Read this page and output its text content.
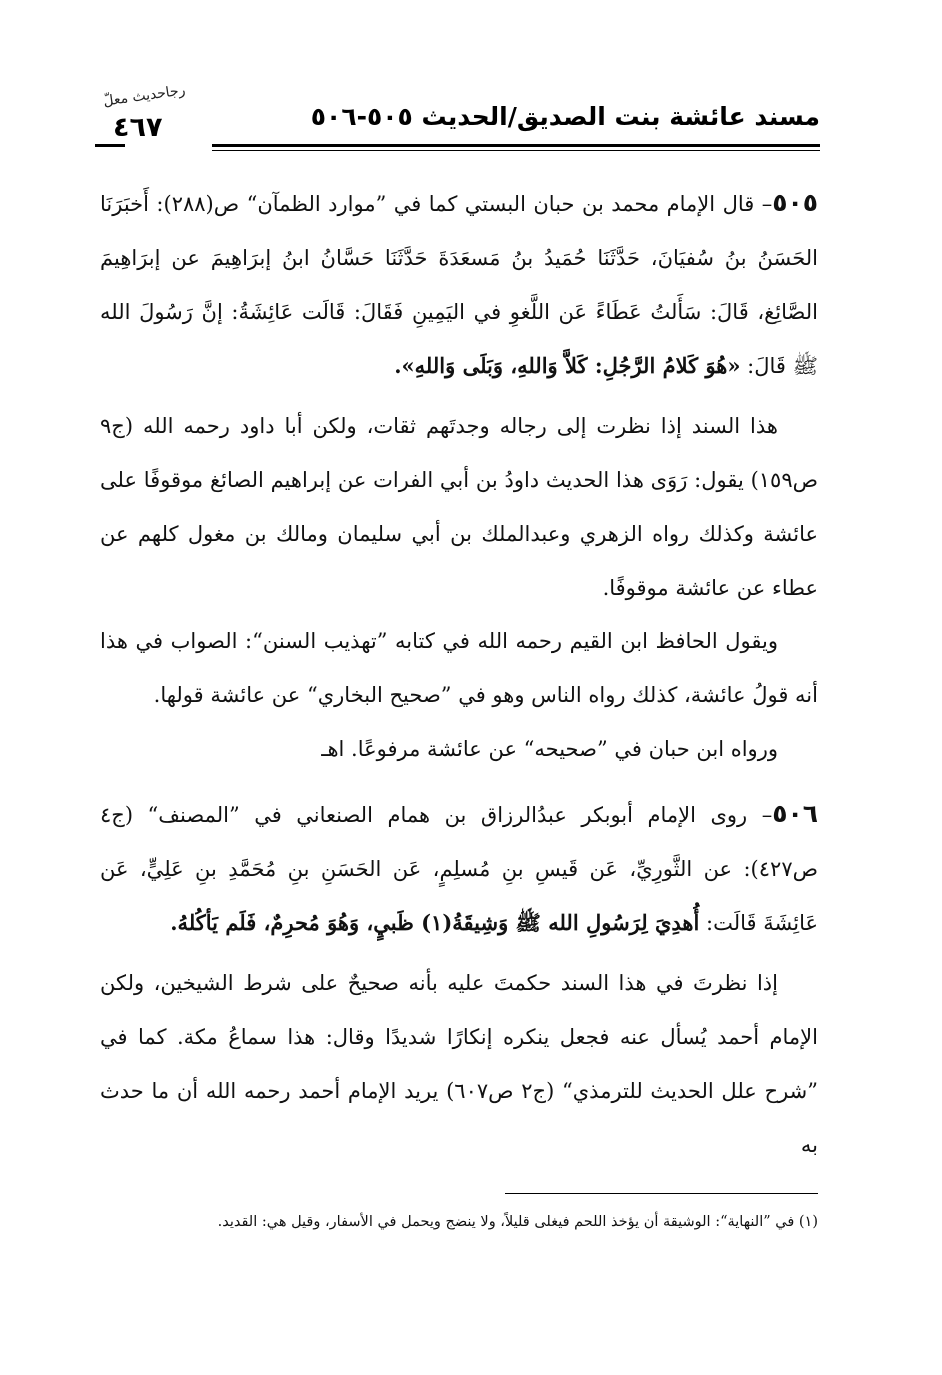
مسند عائشة بنت الصديق/الحديث ٥٠٥-٥٠٦
رجاحديث معلّ
٤٦٧

٥٠٥– قال الإمام محمد بن حبان البستي كما في ”موارد الظمآن“ ص(٢٨٨): أَخبَرَنَا الحَسَنُ بنُ سُفيَانَ، حَدَّثَنَا حُمَيدُ بنُ مَسعَدَةَ حَدَّثَنَا حَسَّانُ ابنُ إبرَاهِيمَ عن إبرَاهِيمَ الصَّائِغ، قَالَ: سَأَلتُ عَطَاءً عَن اللَّغوِ في اليَمِينِ فَقَالَ: قَالَت عَائِشَةُ: إنَّ رَسُولَ الله ﷺ قَالَ: «هُوَ كَلامُ الرَّجُلِ: كَلاَّ وَاللهِ، وَبَلَى وَاللهِ».

هذا السند إذا نظرت إلى رجاله وجدتَهم ثقات، ولكن أبا داود رحمه الله (ج٩ ص١٥٩) يقول: رَوَى هذا الحديث داودُ بن أبي الفرات عن إبراهيم الصائغ موقوفًا على عائشة وكذلك رواه الزهري وعبدالملك بن أبي سليمان ومالك بن مغول كلهم عن عطاء عن عائشة موقوفًا.

ويقول الحافظ ابن القيم رحمه الله في كتابه ”تهذيب السنن“: الصواب في هذا أنه قولُ عائشة، كذلك رواه الناس وهو في ”صحيح البخاري“ عن عائشة قولها.

ورواه ابن حبان في ”صحيحه“ عن عائشة مرفوعًا. اهـ

٥٠٦– روى الإمام أبوبكر عبدُالرزاق بن همام الصنعاني في ”المصنف“ (ج٤ ص٤٢٧): عن الثَّورِيِّ، عَن قَيسِ بنِ مُسلِمٍ، عَن الحَسَنِ بنِ مُحَمَّدِ بنِ عَلِيٍّ، عَن عَائِشَةَ قَالَت: أُهدِيَ لِرَسُولِ الله ﷺ وَشِيقَةُ(١) ظَبيٍ، وَهُوَ مُحرِمٌ، فَلَم يَأكُلهُ.

إذا نظرتَ في هذا السند حكمتَ عليه بأنه صحيحٌ على شرط الشيخين، ولكن الإمام أحمد يُسأل عنه فجعل ينكره إنكارًا شديدًا وقال: هذا سماعُ مكة. كما في ”شرح علل الحديث للترمذي“ (ج٢ ص٦٠٧) يريد الإمام أحمد رحمه الله أن ما حدث به

(١) في ”النهاية“: الوشيقة أن يؤخذ اللحم فيغلى قليلاً، ولا ينضج ويحمل في الأسفار، وقيل هي: القديد.
